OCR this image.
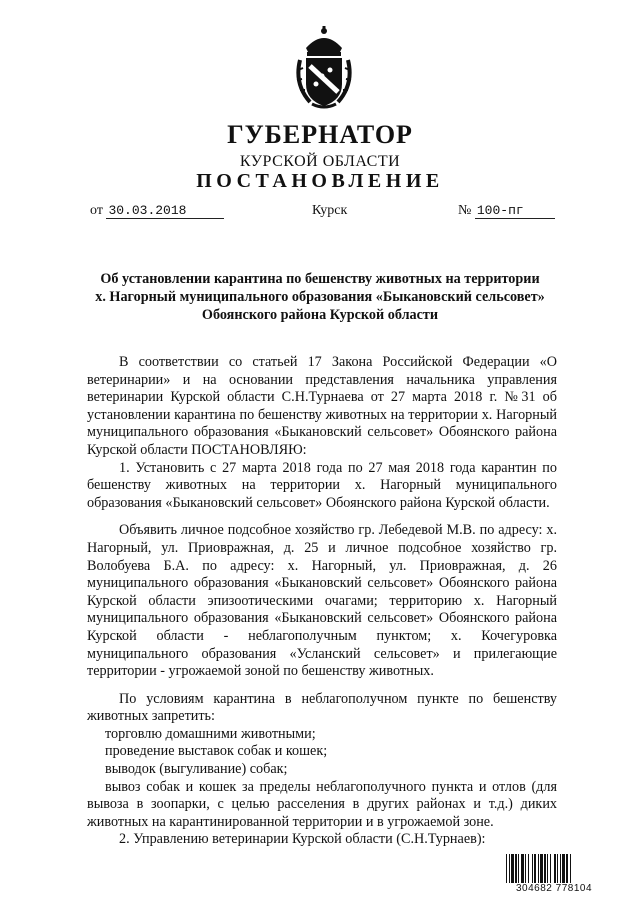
ГУБЕРНАТОР
КУРСКОЙ ОБЛАСТИ
ПОСТАНОВЛЕНИЕ
от 30.03.2018	Курск	№ 100-пг
Об установлении карантина по бешенству животных на территории
х. Нагорный муниципального образования «Быкановский сельсовет»
Обоянского района Курской области

В соответствии со статьей 17 Закона Российской Федерации «О ветеринарии» и на основании представления начальника управления ветеринарии Курской области С.Н.Турнаева от 27 марта 2018 г. №31 об установлении карантина по бешенству животных на территории х. Нагорный муниципального образования «Быкановский сельсовет» Обоянского района Курской области ПОСТАНОВЛЯЮ:

1. Установить с 27 марта 2018 года по 27 мая 2018 года карантин по бешенству животных на территории х. Нагорный муниципального образования «Быкановский сельсовет» Обоянского района Курской области.

Объявить личное подсобное хозяйство гр. Лебедевой М.В. по адресу: х. Нагорный, ул. Приовражная, д. 25 и личное подсобное хозяйство гр. Волобуева Б.А. по адресу: х. Нагорный, ул. Приовражная, д. 26 муниципального образования «Быкановский сельсовет» Обоянского района Курской области эпизоотическими очагами; территорию х. Нагорный муниципального образования «Быкановский сельсовет» Обоянского района Курской области - неблагополучным пунктом; х. Кочегуровка муниципального образования «Усланский сельсовет» и прилегающие территории - угрожаемой зоной по бешенству животных.

По условиям карантина в неблагополучном пункте по бешенству животных запретить:

торговлю домашними животными;

проведение выставок собак и кошек;

выводок (выгуливание) собак;

вывоз собак и кошек за пределы неблагополучного пункта и отлов (для вывоза в зоопарки, с целью расселения в других районах и т.д.) диких животных на карантинированной территории и в угрожаемой зоне.

2. Управлению ветеринарии Курской области (С.Н.Турнаев):

304682 778104
